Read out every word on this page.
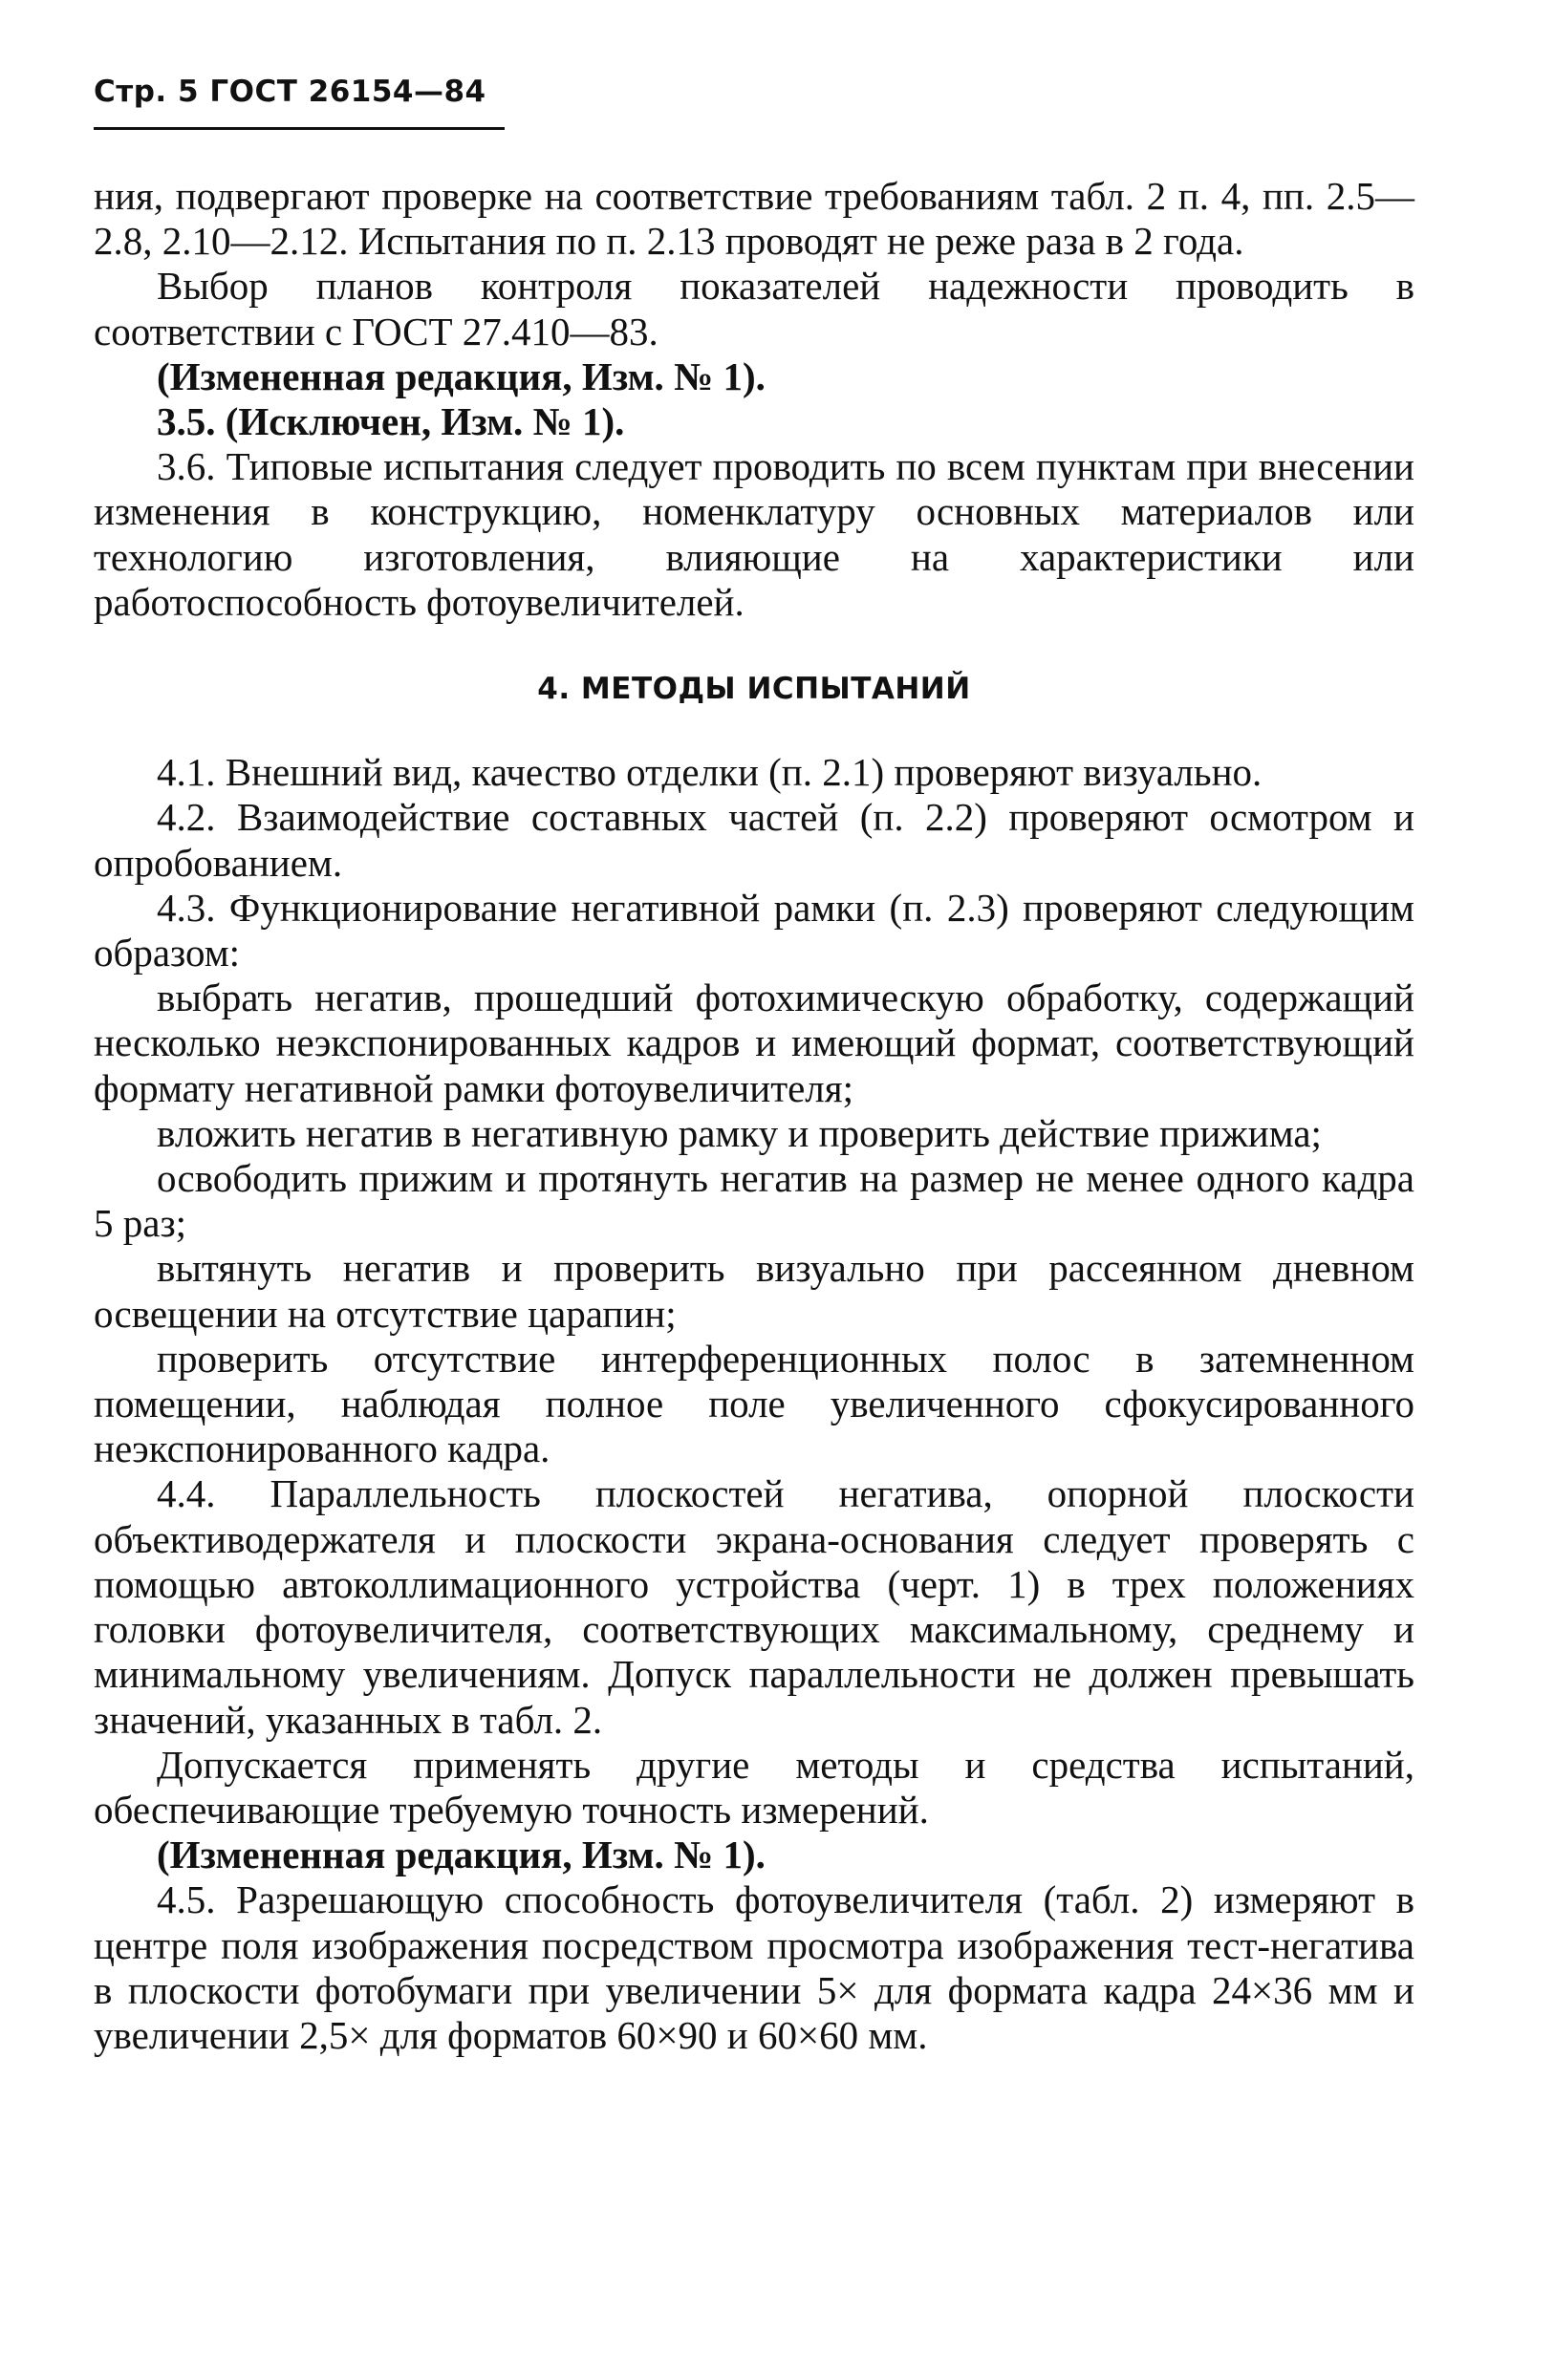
Стр. 5 ГОСТ 26154—84

ния, подвергают проверке на соответствие требованиям табл. 2 п. 4, пп. 2.5—2.8, 2.10—2.12. Испытания по п. 2.13 проводят не реже раза в 2 года.

Выбор планов контроля показателей надежности проводить в соответствии с ГОСТ 27.410—83.

(Измененная редакция, Изм. № 1).

3.5. (Исключен, Изм. № 1).

3.6. Типовые испытания следует проводить по всем пунктам при внесении изменения в конструкцию, номенклатуру основных материалов или технологию изготовления, влияющие на характеристики или работоспособность фотоувеличителей.

4. МЕТОДЫ ИСПЫТАНИЙ

4.1. Внешний вид, качество отделки (п. 2.1) проверяют визуально.

4.2. Взаимодействие составных частей (п. 2.2) проверяют осмотром и опробованием.

4.3. Функционирование негативной рамки (п. 2.3) проверяют следующим образом:

выбрать негатив, прошедший фотохимическую обработку, содержащий несколько неэкспонированных кадров и имеющий формат, соответствующий формату негативной рамки фотоувеличителя;

вложить негатив в негативную рамку и проверить действие прижима;

освободить прижим и протянуть негатив на размер не менее одного кадра 5 раз;

вытянуть негатив и проверить визуально при рассеянном дневном освещении на отсутствие царапин;

проверить отсутствие интерференционных полос в затемненном помещении, наблюдая полное поле увеличенного сфокусированного неэкспонированного кадра.

4.4. Параллельность плоскостей негатива, опорной плоскости объективодержателя и плоскости экрана-основания следует проверять с помощью автоколлимационного устройства (черт. 1) в трех положениях головки фотоувеличителя, соответствующих максимальному, среднему и минимальному увеличениям. Допуск параллельности не должен превышать значений, указанных в табл. 2.

Допускается применять другие методы и средства испытаний, обеспечивающие требуемую точность измерений.

(Измененная редакция, Изм. № 1).

4.5. Разрешающую способность фотоувеличителя (табл. 2) измеряют в центре поля изображения посредством просмотра изображения тест-негатива в плоскости фотобумаги при увеличении 5× для формата кадра 24×36 мм и увеличении 2,5× для форматов 60×90 и 60×60 мм.
